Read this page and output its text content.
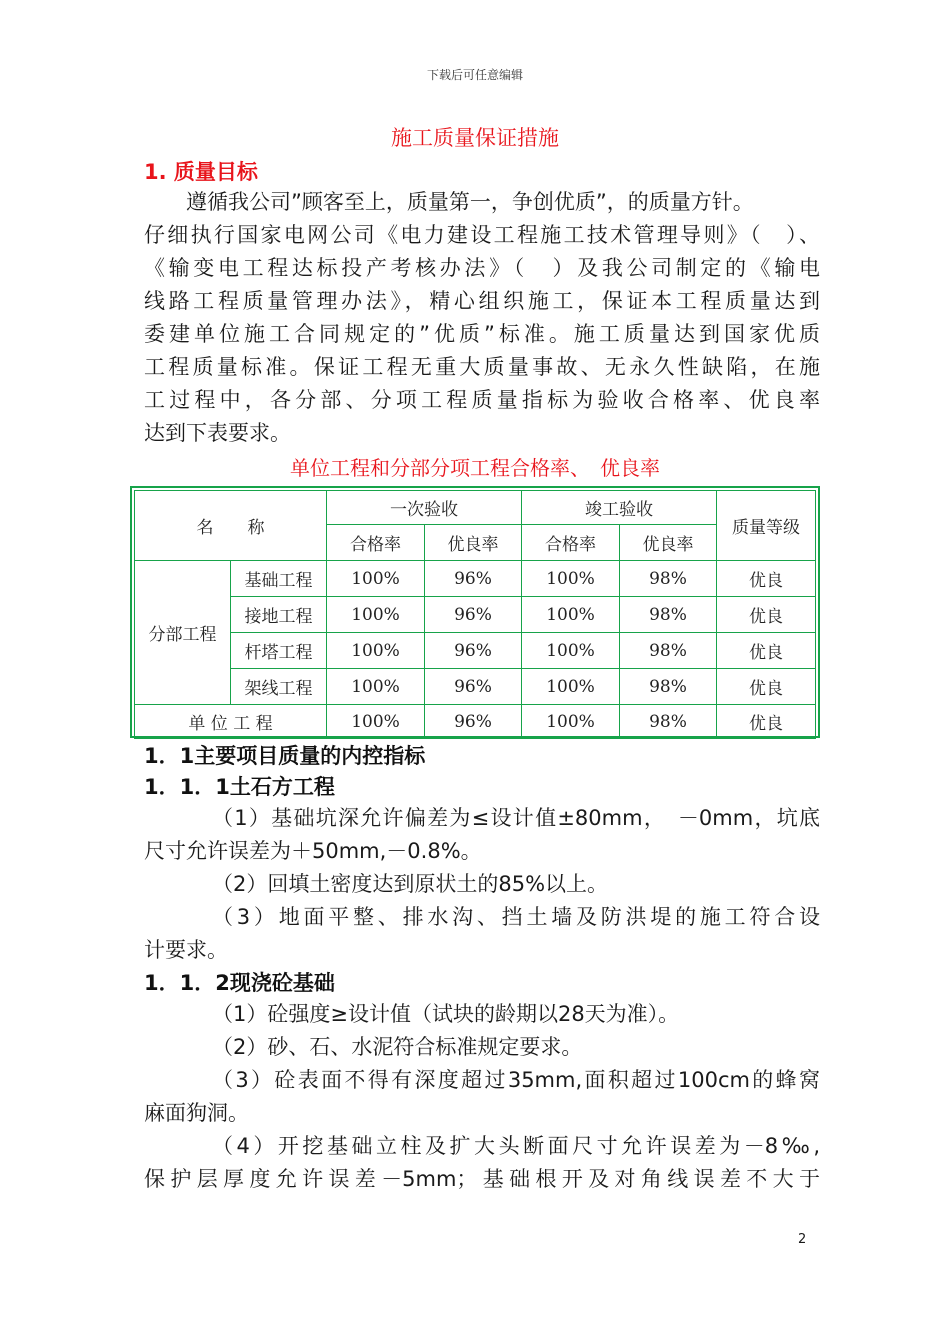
下载后可任意编辑
施工质量保证措施
1. 质量目标
遵循我公司”顾客至上，质量第一，争创优质”，的质量方针。
仔细执行国家电网公司《电力建设工程施工技术管理导则》（　）、
《输变电工程达标投产考核办法》（　）及我公司制定的《输电
线路工程质量管理办法》，精心组织施工，保证本工程质量达到
委建单位施工合同规定的”优质”标准。施工质量达到国家优质
工程质量标准。保证工程无重大质量事故、无永久性缺陷，在施
工过程中，各分部、分项工程质量指标为验收合格率、优良率
达到下表要求。
单位工程和分部分项工程合格率、　优良率
名　　称		一次验收		竣工验收		质量等级
		合格率	优良率	合格率	优良率	
分部工程	基础工程	100%	96%	100%	98%	优良
	接地工程	100%	96%	100%	98%	优良
	杆塔工程	100%	96%	100%	98%	优良
	架线工程	100%	96%	100%	98%	优良
单 位 工 程		100%	96%	100%	98%	优良
1．1主要项目质量的内控指标
1．1．1土石方工程
（1）基础坑深允许偏差为≤设计值±80mm，　－0mm，坑底
尺寸允许误差为＋50mm,－0.8%。
（2）回填土密度达到原状土的85%以上。
（3）地面平整、排水沟、挡土墙及防洪堤的施工符合设
计要求。
1．1．2现浇砼基础
（1）砼强度≥设计值（试块的龄期以28天为准）。
（2）砂、石、水泥符合标准规定要求。
（3）砼表面不得有深度超过35mm,面积超过100cm的蜂窝
麻面狗洞。
（4）开挖基础立柱及扩大头断面尺寸允许误差为－8‰,
保护层厚度允许误差－5mm；基础根开及对角线误差不大于
2
